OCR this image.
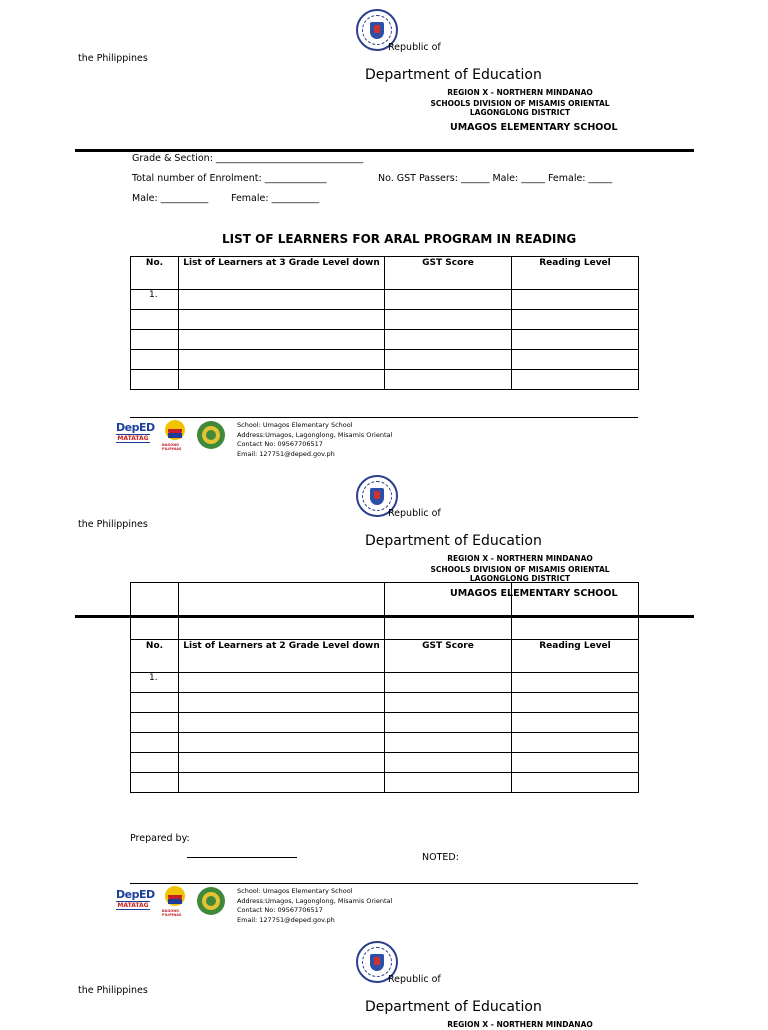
Republic of
the Philippines
Department of Education
REGION X - NORTHERN MINDANAO
SCHOOLS DIVISION OF MISAMIS ORIENTAL
LAGONGLONG DISTRICT
UMAGOS ELEMENTARY SCHOOL
Grade & Section: _______________________________
Total number of Enrolment: _____________	No. GST Passers: ______ Male: _____ Female: _____
Male: __________ Female: __________
LIST OF LEARNERS FOR ARAL PROGRAM IN READING
No.	List of Learners at 3 Grade Level down	GST Score	Reading Level
1.			

DepED
MATATAG
BAGONG PILIPINAS
School: Umagos Elementary School
Address:Umagos, Lagonglong, Misamis Oriental
Contact No: 09567706517
Email: 127751@deped.gov.ph
Republic of
the Philippines
Department of Education
REGION X - NORTHERN MINDANAO
SCHOOLS DIVISION OF MISAMIS ORIENTAL
LAGONGLONG DISTRICT

No.	List of Learners at 2 Grade Level down	GST Score	Reading Level
1.			

UMAGOS ELEMENTARY SCHOOL
Prepared by:
NOTED:
DepED
MATATAG
BAGONG PILIPINAS
School: Umagos Elementary School
Address:Umagos, Lagonglong, Misamis Oriental
Contact No: 09567706517
Email: 127751@deped.gov.ph
Republic of
the Philippines
Department of Education
REGION X - NORTHERN MINDANAO
